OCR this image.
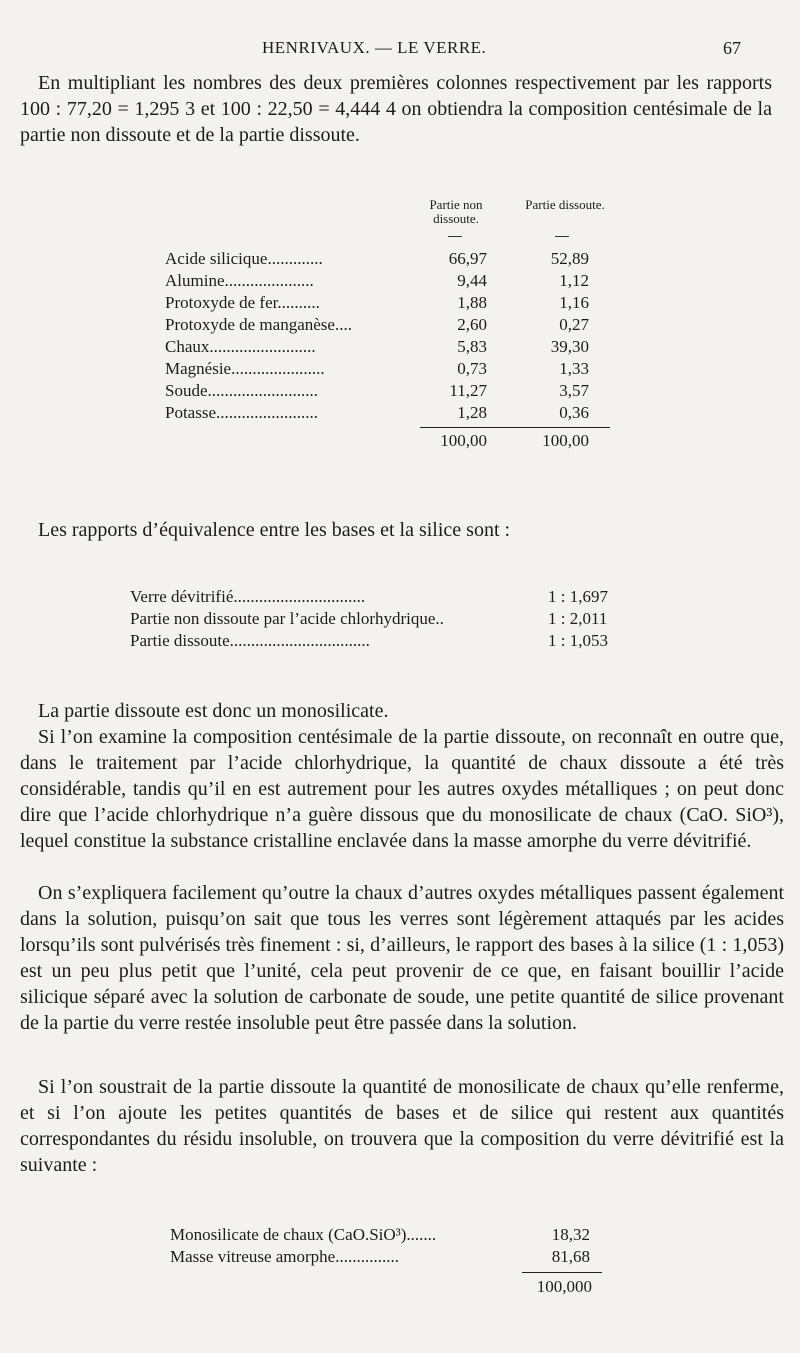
HENRIVAUX. — LE VERRE.	67

En multipliant les nombres des deux premières colonnes respectivement par les rapports 100 : 77,20 = 1,295 3 et 100 : 22,50 = 4,444 4 on obtiendra la composition centésimale de la partie non dissoute et de la partie dissoute.

Partie non dissoute.
Partie dissoute.
Acide silicique.............	66,97	52,89
Alumine.....................	9,44	1,12
Protoxyde de fer..........	1,88	1,16
Protoxyde de manganèse....	2,60	0,27
Chaux.........................	5,83	39,30
Magnésie......................	0,73	1,33
Soude..........................	11,27	3,57
Potasse........................	1,28	0,36
100,00	100,00

Les rapports d’équivalence entre les bases et la silice sont :

Verre dévitrifié...............................	1 : 1,697
Partie non dissoute par l’acide chlorhydrique..	1 : 2,011
Partie dissoute.................................	1 : 1,053

La partie dissoute est donc un monosilicate.

Si l’on examine la composition centésimale de la partie dissoute, on reconnaît en outre que, dans le traitement par l’acide chlorhydrique, la quantité de chaux dissoute a été très considérable, tandis qu’il en est autrement pour les autres oxydes métalliques ; on peut donc dire que l’acide chlorhydrique n’a guère dissous que du monosilicate de chaux (CaO. SiO³), lequel constitue la substance cristalline enclavée dans la masse amorphe du verre dévitrifié.

On s’expliquera facilement qu’outre la chaux d’autres oxydes métalliques passent également dans la solution, puisqu’on sait que tous les verres sont légèrement attaqués par les acides lorsqu’ils sont pulvérisés très finement : si, d’ailleurs, le rapport des bases à la silice (1 : 1,053) est un peu plus petit que l’unité, cela peut provenir de ce que, en faisant bouillir l’acide silicique séparé avec la solution de carbonate de soude, une petite quantité de silice provenant de la partie du verre restée insoluble peut être passée dans la solution.

Si l’on soustrait de la partie dissoute la quantité de monosilicate de chaux qu’elle renferme, et si l’on ajoute les petites quantités de bases et de silice qui restent aux quantités correspondantes du résidu insoluble, on trouvera que la composition du verre dévitrifié est la suivante :

Monosilicate de chaux (CaO.SiO³).......	18,32
Masse vitreuse amorphe...............	81,68
100,000
